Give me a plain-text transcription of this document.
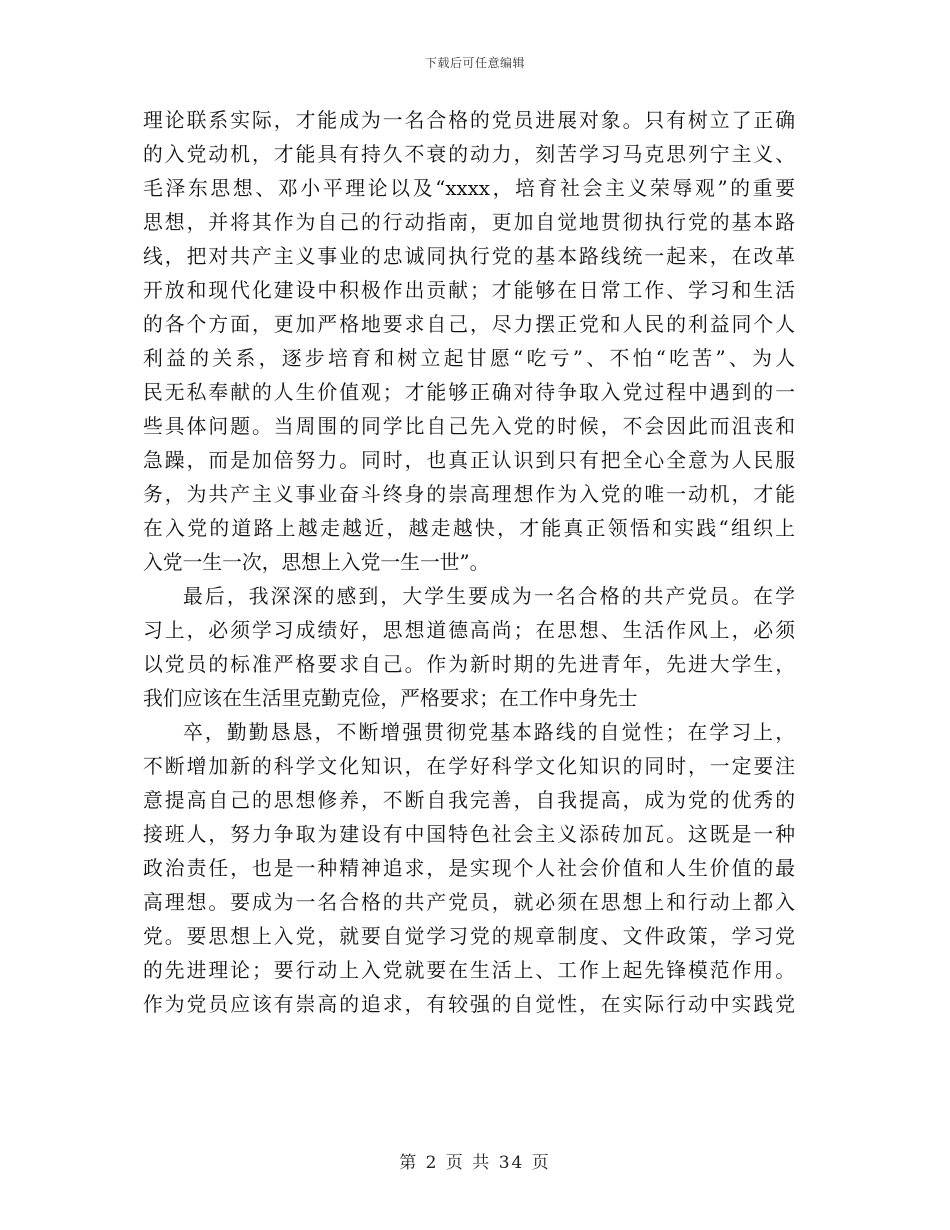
下载后可任意编辑
理论联系实际，才能成为一名合格的党员进展对象。只有树立了正确
的入党动机，才能具有持久不衰的动力，刻苦学习马克思列宁主义、
毛泽东思想、邓小平理论以及“xxxx，培育社会主义荣辱观”的重要
思想，并将其作为自己的行动指南，更加自觉地贯彻执行党的基本路
线，把对共产主义事业的忠诚同执行党的基本路线统一起来，在改革
开放和现代化建设中积极作出贡献；才能够在日常工作、学习和生活
的各个方面，更加严格地要求自己，尽力摆正党和人民的利益同个人
利益的关系，逐步培育和树立起甘愿“吃亏”、不怕“吃苦”、为人
民无私奉献的人生价值观；才能够正确对待争取入党过程中遇到的一
些具体问题。当周围的同学比自己先入党的时候，不会因此而沮丧和
急躁，而是加倍努力。同时，也真正认识到只有把全心全意为人民服
务，为共产主义事业奋斗终身的崇高理想作为入党的唯一动机，才能
在入党的道路上越走越近，越走越快，才能真正领悟和实践“组织上
入党一生一次，思想上入党一生一世”。
最后，我深深的感到，大学生要成为一名合格的共产党员。在学
习上，必须学习成绩好，思想道德高尚；在思想、生活作风上，必须
以党员的标准严格要求自己。作为新时期的先进青年，先进大学生，
我们应该在生活里克勤克俭，严格要求；在工作中身先士
卒，勤勤恳恳，不断增强贯彻党基本路线的自觉性；在学习上，
不断增加新的科学文化知识，在学好科学文化知识的同时，一定要注
意提高自己的思想修养，不断自我完善，自我提高，成为党的优秀的
接班人，努力争取为建设有中国特色社会主义添砖加瓦。这既是一种
政治责任，也是一种精神追求，是实现个人社会价值和人生价值的最
高理想。要成为一名合格的共产党员，就必须在思想上和行动上都入
党。要思想上入党，就要自觉学习党的规章制度、文件政策，学习党
的先进理论；要行动上入党就要在生活上、工作上起先锋模范作用。
作为党员应该有崇高的追求，有较强的自觉性，在实际行动中实践党
第 2 页 共 34 页
